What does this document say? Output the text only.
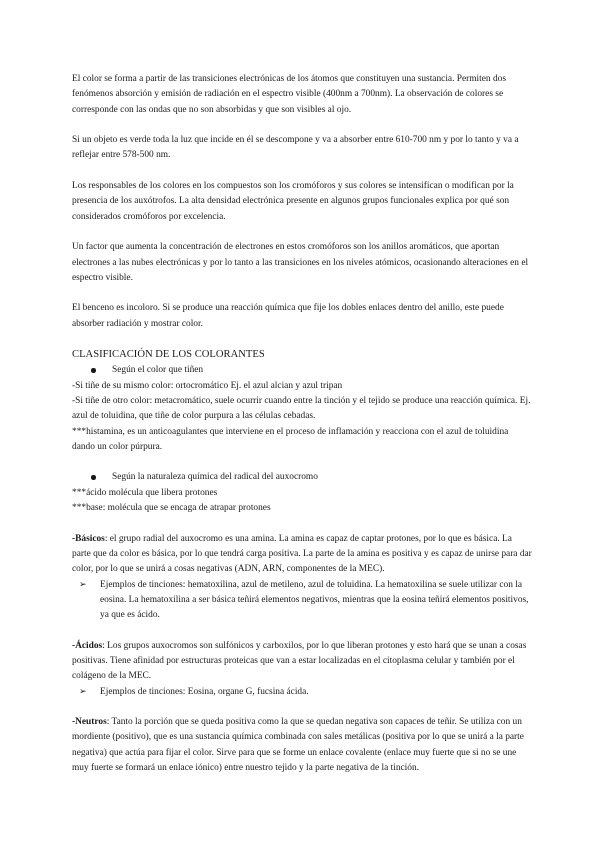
El color se forma a partir de las transiciones electrónicas de los átomos que constituyen una sustancia. Permiten dos fenómenos absorción y emisión de radiación en el espectro visible (400nm a 700nm). La observación de colores se corresponde con las ondas que no son absorbidas y que son visibles al ojo.

Si un objeto es verde toda la luz que incide en él se descompone y va a absorber entre 610-700 nm y por lo tanto y va a reflejar entre 578-500 nm.

Los responsables de los colores en los compuestos son los cromóforos y sus colores se intensifican o modifican por la presencia de los auxótrofos. La alta densidad electrónica presente en algunos grupos funcionales explica por qué son considerados cromóforos por excelencia.

Un factor que aumenta la concentración de electrones en estos cromóforos son los anillos aromáticos, que aportan electrones a las nubes electrónicas y por lo tanto a las transiciones en los niveles atómicos, ocasionando alteraciones en el espectro visible.

El benceno es incoloro. Si se produce una reacción química que fije los dobles enlaces dentro del anillo, este puede absorber radiación y mostrar color.

CLASIFICACIÓN DE LOS COLORANTES

Según el color que tiñen

-Si tiñe de su mismo color: ortocromático Ej. el azul alcian y azul tripan

-Si tiñe de otro color: metacromático, suele ocurrir cuando entre la tinción y el tejido se produce una reacción química. Ej. azul de toluidina, que tiñe de color purpura a las células cebadas.

***histamina, es un anticoagulantes que interviene en el proceso de inflamación y reacciona con el azul de toluidina dando un color púrpura.

Según la naturaleza química del radical del auxocromo

***ácido molécula que libera protones

***base: molécula que se encaga de atrapar protones

-Básicos: el grupo radial del auxocromo es una amina. La amina es capaz de captar protones, por lo que es básica. La parte que da color es básica, por lo que tendrá carga positiva. La parte de la amina es positiva y es capaz de unirse para dar color, por lo que se unirá a cosas negativas (ADN, ARN, componentes de la MEC).

➢ Ejemplos de tinciones: hematoxilina, azul de metileno, azul de toluidina. La hematoxilina se suele utilizar con la eosina. La hematoxilina a ser básica teñirá elementos negativos, mientras que la eosina teñirá elementos positivos, ya que es ácido.

-Ácidos: Los grupos auxocromos son sulfónicos y carboxilos, por lo que liberan protones y esto hará que se unan a cosas positivas. Tiene afinidad por estructuras proteicas que van a estar localizadas en el citoplasma celular y también por el colágeno de la MEC.

➢ Ejemplos de tinciones: Eosina, organe G, fucsina ácida.

-Neutros: Tanto la porción que se queda positiva como la que se quedan negativa son capaces de teñir. Se utiliza con un mordiente (positivo), que es una sustancia química combinada con sales metálicas (positiva por lo que se unirá a la parte negativa) que actúa para fijar el color. Sirve para que se forme un enlace covalente (enlace muy fuerte que si no se une muy fuerte se formará un enlace iónico) entre nuestro tejido y la parte negativa de la tinción.
